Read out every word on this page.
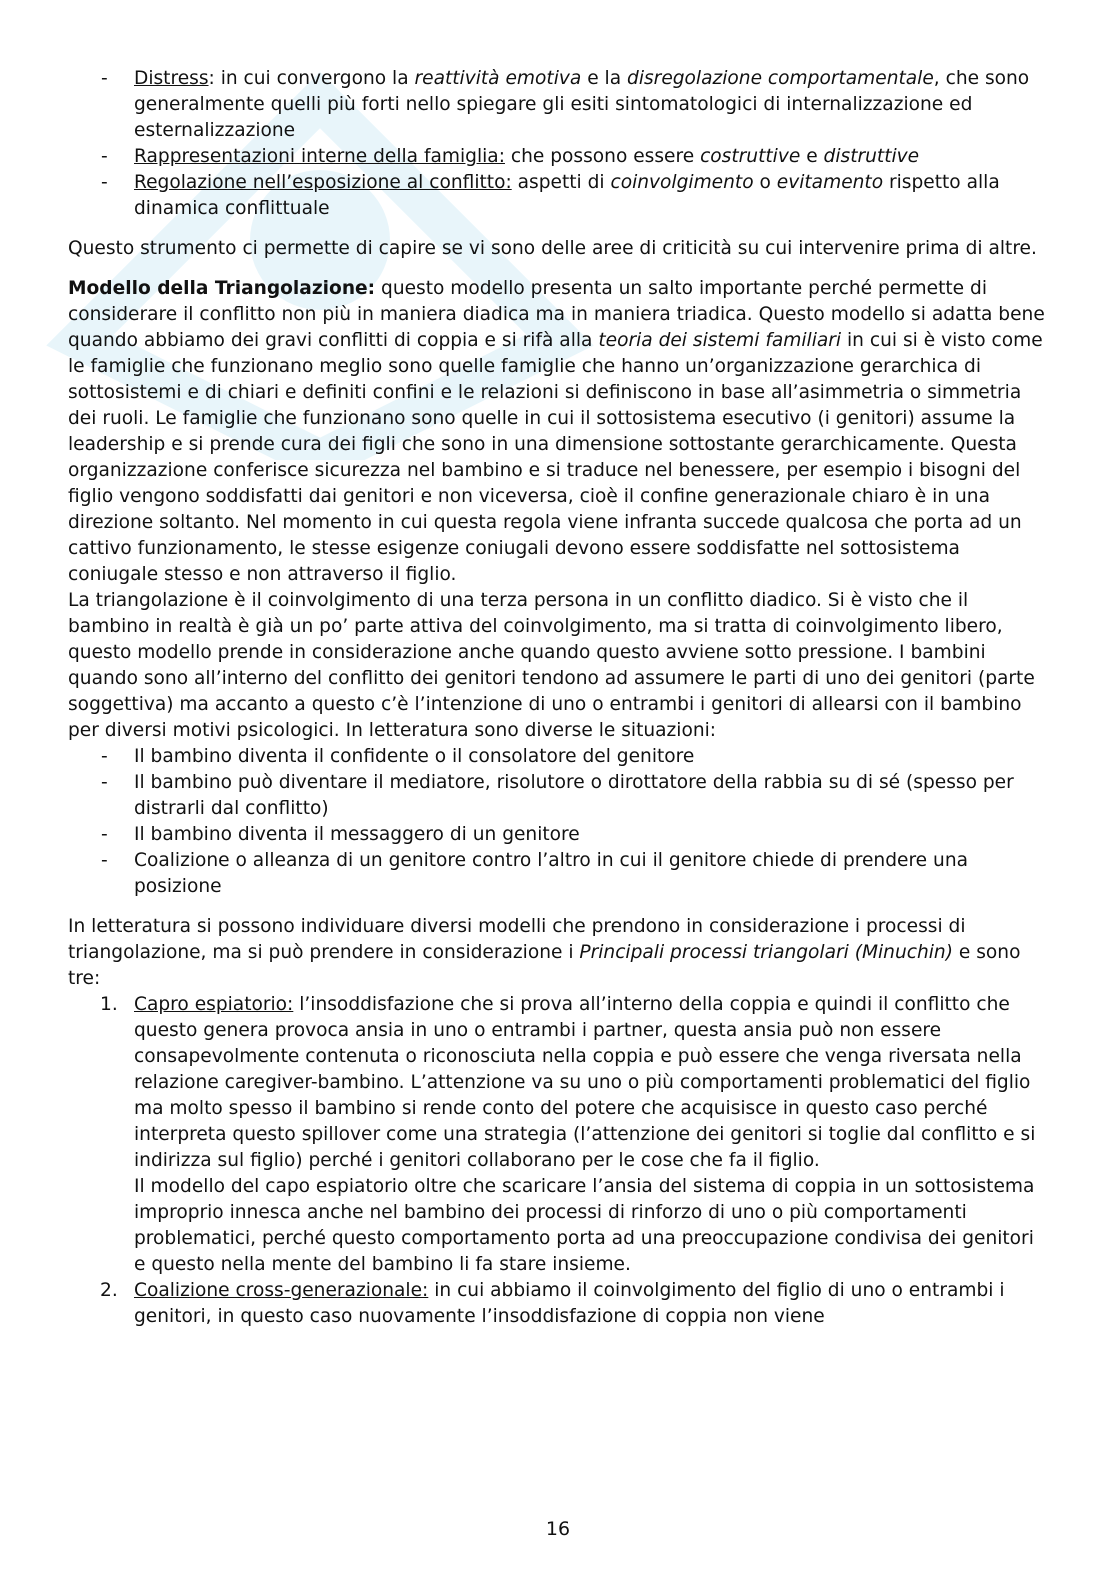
- Distress: in cui convergono la reattività emotiva e la disregolazione comportamentale, che sono generalmente quelli più forti nello spiegare gli esiti sintomatologici di internalizzazione ed esternalizzazione
- Rappresentazioni interne della famiglia: che possono essere costruttive e distruttive
- Regolazione nell’esposizione al conflitto: aspetti di coinvolgimento o evitamento rispetto alla dinamica conflittuale

Questo strumento ci permette di capire se vi sono delle aree di criticità su cui intervenire prima di altre.

Modello della Triangolazione: questo modello presenta un salto importante perché permette di considerare il conflitto non più in maniera diadica ma in maniera triadica. Questo modello si adatta bene quando abbiamo dei gravi conflitti di coppia e si rifà alla teoria dei sistemi familiari in cui si è visto come le famiglie che funzionano meglio sono quelle famiglie che hanno un’organizzazione gerarchica di sottosistemi e di chiari e definiti confini e le relazioni si definiscono in base all’asimmetria o simmetria dei ruoli. Le famiglie che funzionano sono quelle in cui il sottosistema esecutivo (i genitori) assume la leadership e si prende cura dei figli che sono in una dimensione sottostante gerarchicamente. Questa organizzazione conferisce sicurezza nel bambino e si traduce nel benessere, per esempio i bisogni del figlio vengono soddisfatti dai genitori e non viceversa, cioè il confine generazionale chiaro è in una direzione soltanto. Nel momento in cui questa regola viene infranta succede qualcosa che porta ad un cattivo funzionamento, le stesse esigenze coniugali devono essere soddisfatte nel sottosistema coniugale stesso e non attraverso il figlio.

La triangolazione è il coinvolgimento di una terza persona in un conflitto diadico. Si è visto che il bambino in realtà è già un po’ parte attiva del coinvolgimento, ma si tratta di coinvolgimento libero, questo modello prende in considerazione anche quando questo avviene sotto pressione. I bambini quando sono all’interno del conflitto dei genitori tendono ad assumere le parti di uno dei genitori (parte soggettiva) ma accanto a questo c’è l’intenzione di uno o entrambi i genitori di allearsi con il bambino per diversi motivi psicologici. In letteratura sono diverse le situazioni:

- Il bambino diventa il confidente o il consolatore del genitore
- Il bambino può diventare il mediatore, risolutore o dirottatore della rabbia su di sé (spesso per distrarli dal conflitto)
- Il bambino diventa il messaggero di un genitore
- Coalizione o alleanza di un genitore contro l’altro in cui il genitore chiede di prendere una posizione

In letteratura si possono individuare diversi modelli che prendono in considerazione i processi di triangolazione, ma si può prendere in considerazione i Principali processi triangolari (Minuchin) e sono tre:

1. Capro espiatorio: l’insoddisfazione che si prova all’interno della coppia e quindi il conflitto che questo genera provoca ansia in uno o entrambi i partner, questa ansia può non essere consapevolmente contenuta o riconosciuta nella coppia e può essere che venga riversata nella relazione caregiver-bambino. L’attenzione va su uno o più comportamenti problematici del figlio ma molto spesso il bambino si rende conto del potere che acquisisce in questo caso perché interpreta questo spillover come una strategia (l’attenzione dei genitori si toglie dal conflitto e si indirizza sul figlio) perché i genitori collaborano per le cose che fa il figlio.
Il modello del capo espiatorio oltre che scaricare l’ansia del sistema di coppia in un sottosistema improprio innesca anche nel bambino dei processi di rinforzo di uno o più comportamenti problematici, perché questo comportamento porta ad una preoccupazione condivisa dei genitori e questo nella mente del bambino li fa stare insieme.
2. Coalizione cross-generazionale: in cui abbiamo il coinvolgimento del figlio di uno o entrambi i genitori, in questo caso nuovamente l’insoddisfazione di coppia non viene
16
